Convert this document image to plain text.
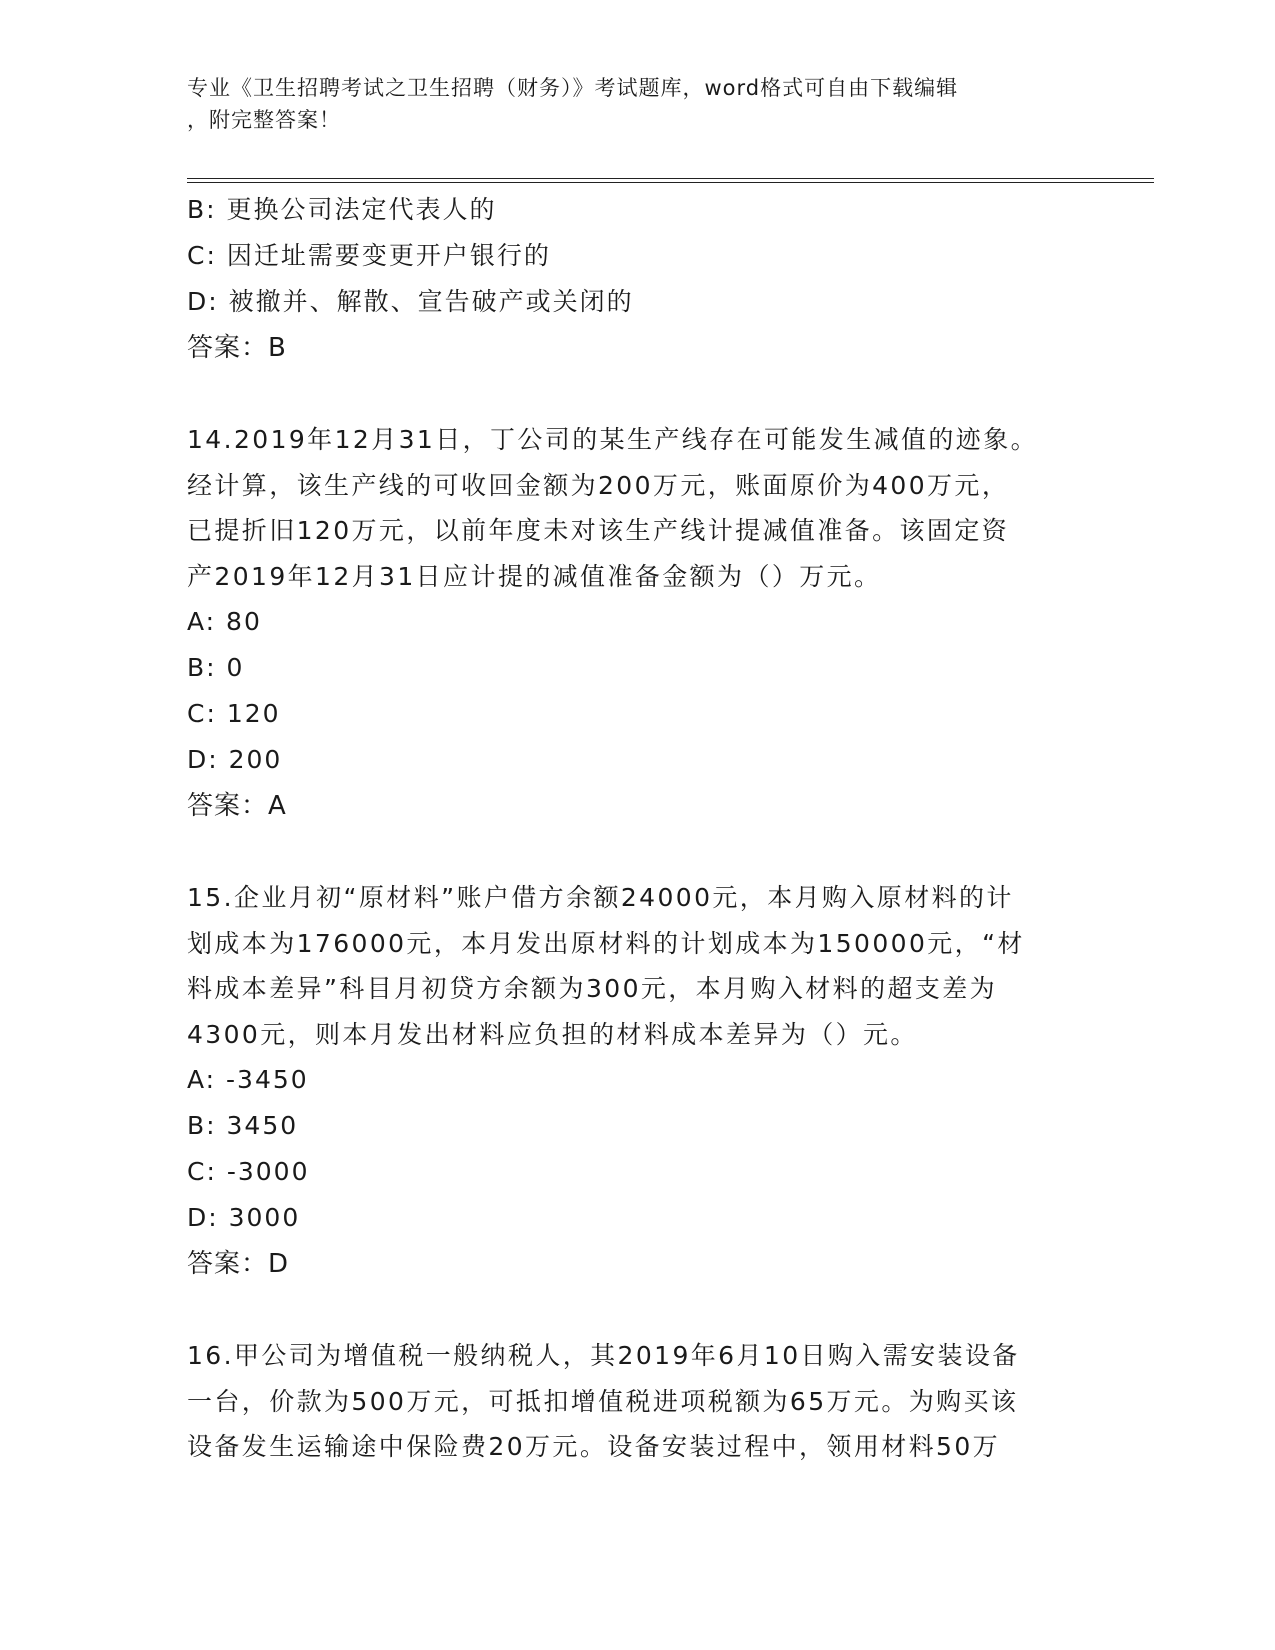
专业《卫生招聘考试之卫生招聘（财务）》考试题库，word格式可自由下载编辑
，附完整答案！
B: 更换公司法定代表人的
C: 因迁址需要变更开户银行的
D: 被撤并、解散、宣告破产或关闭的
答案：B
14.2019年12月31日，丁公司的某生产线存在可能发生减值的迹象。
经计算，该生产线的可收回金额为200万元，账面原价为400万元，
已提折旧120万元，以前年度未对该生产线计提减值准备。该固定资
产2019年12月31日应计提的减值准备金额为（）万元。
A: 80
B: 0
C: 120
D: 200
答案：A
15.企业月初“原材料”账户借方余额24000元，本月购入原材料的计
划成本为176000元，本月发出原材料的计划成本为150000元，“材
料成本差异”科目月初贷方余额为300元，本月购入材料的超支差为
4300元，则本月发出材料应负担的材料成本差异为（）元。
A: -3450
B: 3450
C: -3000
D: 3000
答案：D
16.甲公司为增值税一般纳税人，其2019年6月10日购入需安装设备
一台，价款为500万元，可抵扣增值税进项税额为65万元。为购买该
设备发生运输途中保险费20万元。设备安装过程中，领用材料50万
